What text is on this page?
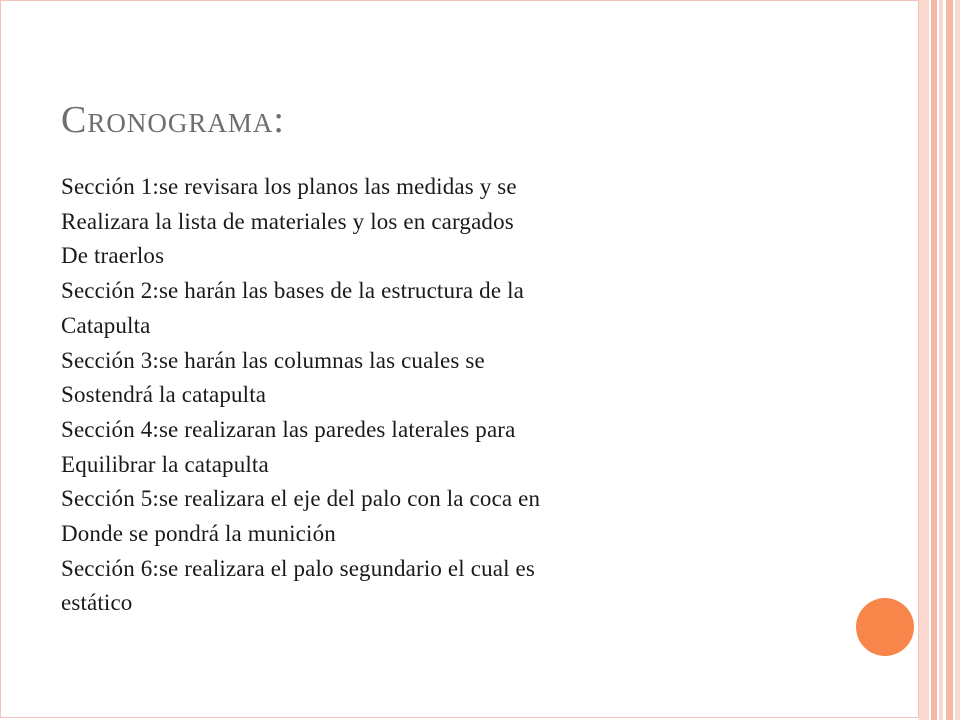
Cronograma:
Sección 1:se revisara los planos las medidas y se
Realizara la lista de materiales y los en cargados
De traerlos
Sección 2:se harán las bases de la estructura de la
Catapulta
Sección 3:se harán las columnas las cuales se
Sostendrá la catapulta
Sección 4:se realizaran las paredes laterales para
Equilibrar la catapulta
Sección 5:se realizara el eje del palo con la coca en
Donde se pondrá la munición
Sección 6:se realizara el palo segundario el cual es
estático
